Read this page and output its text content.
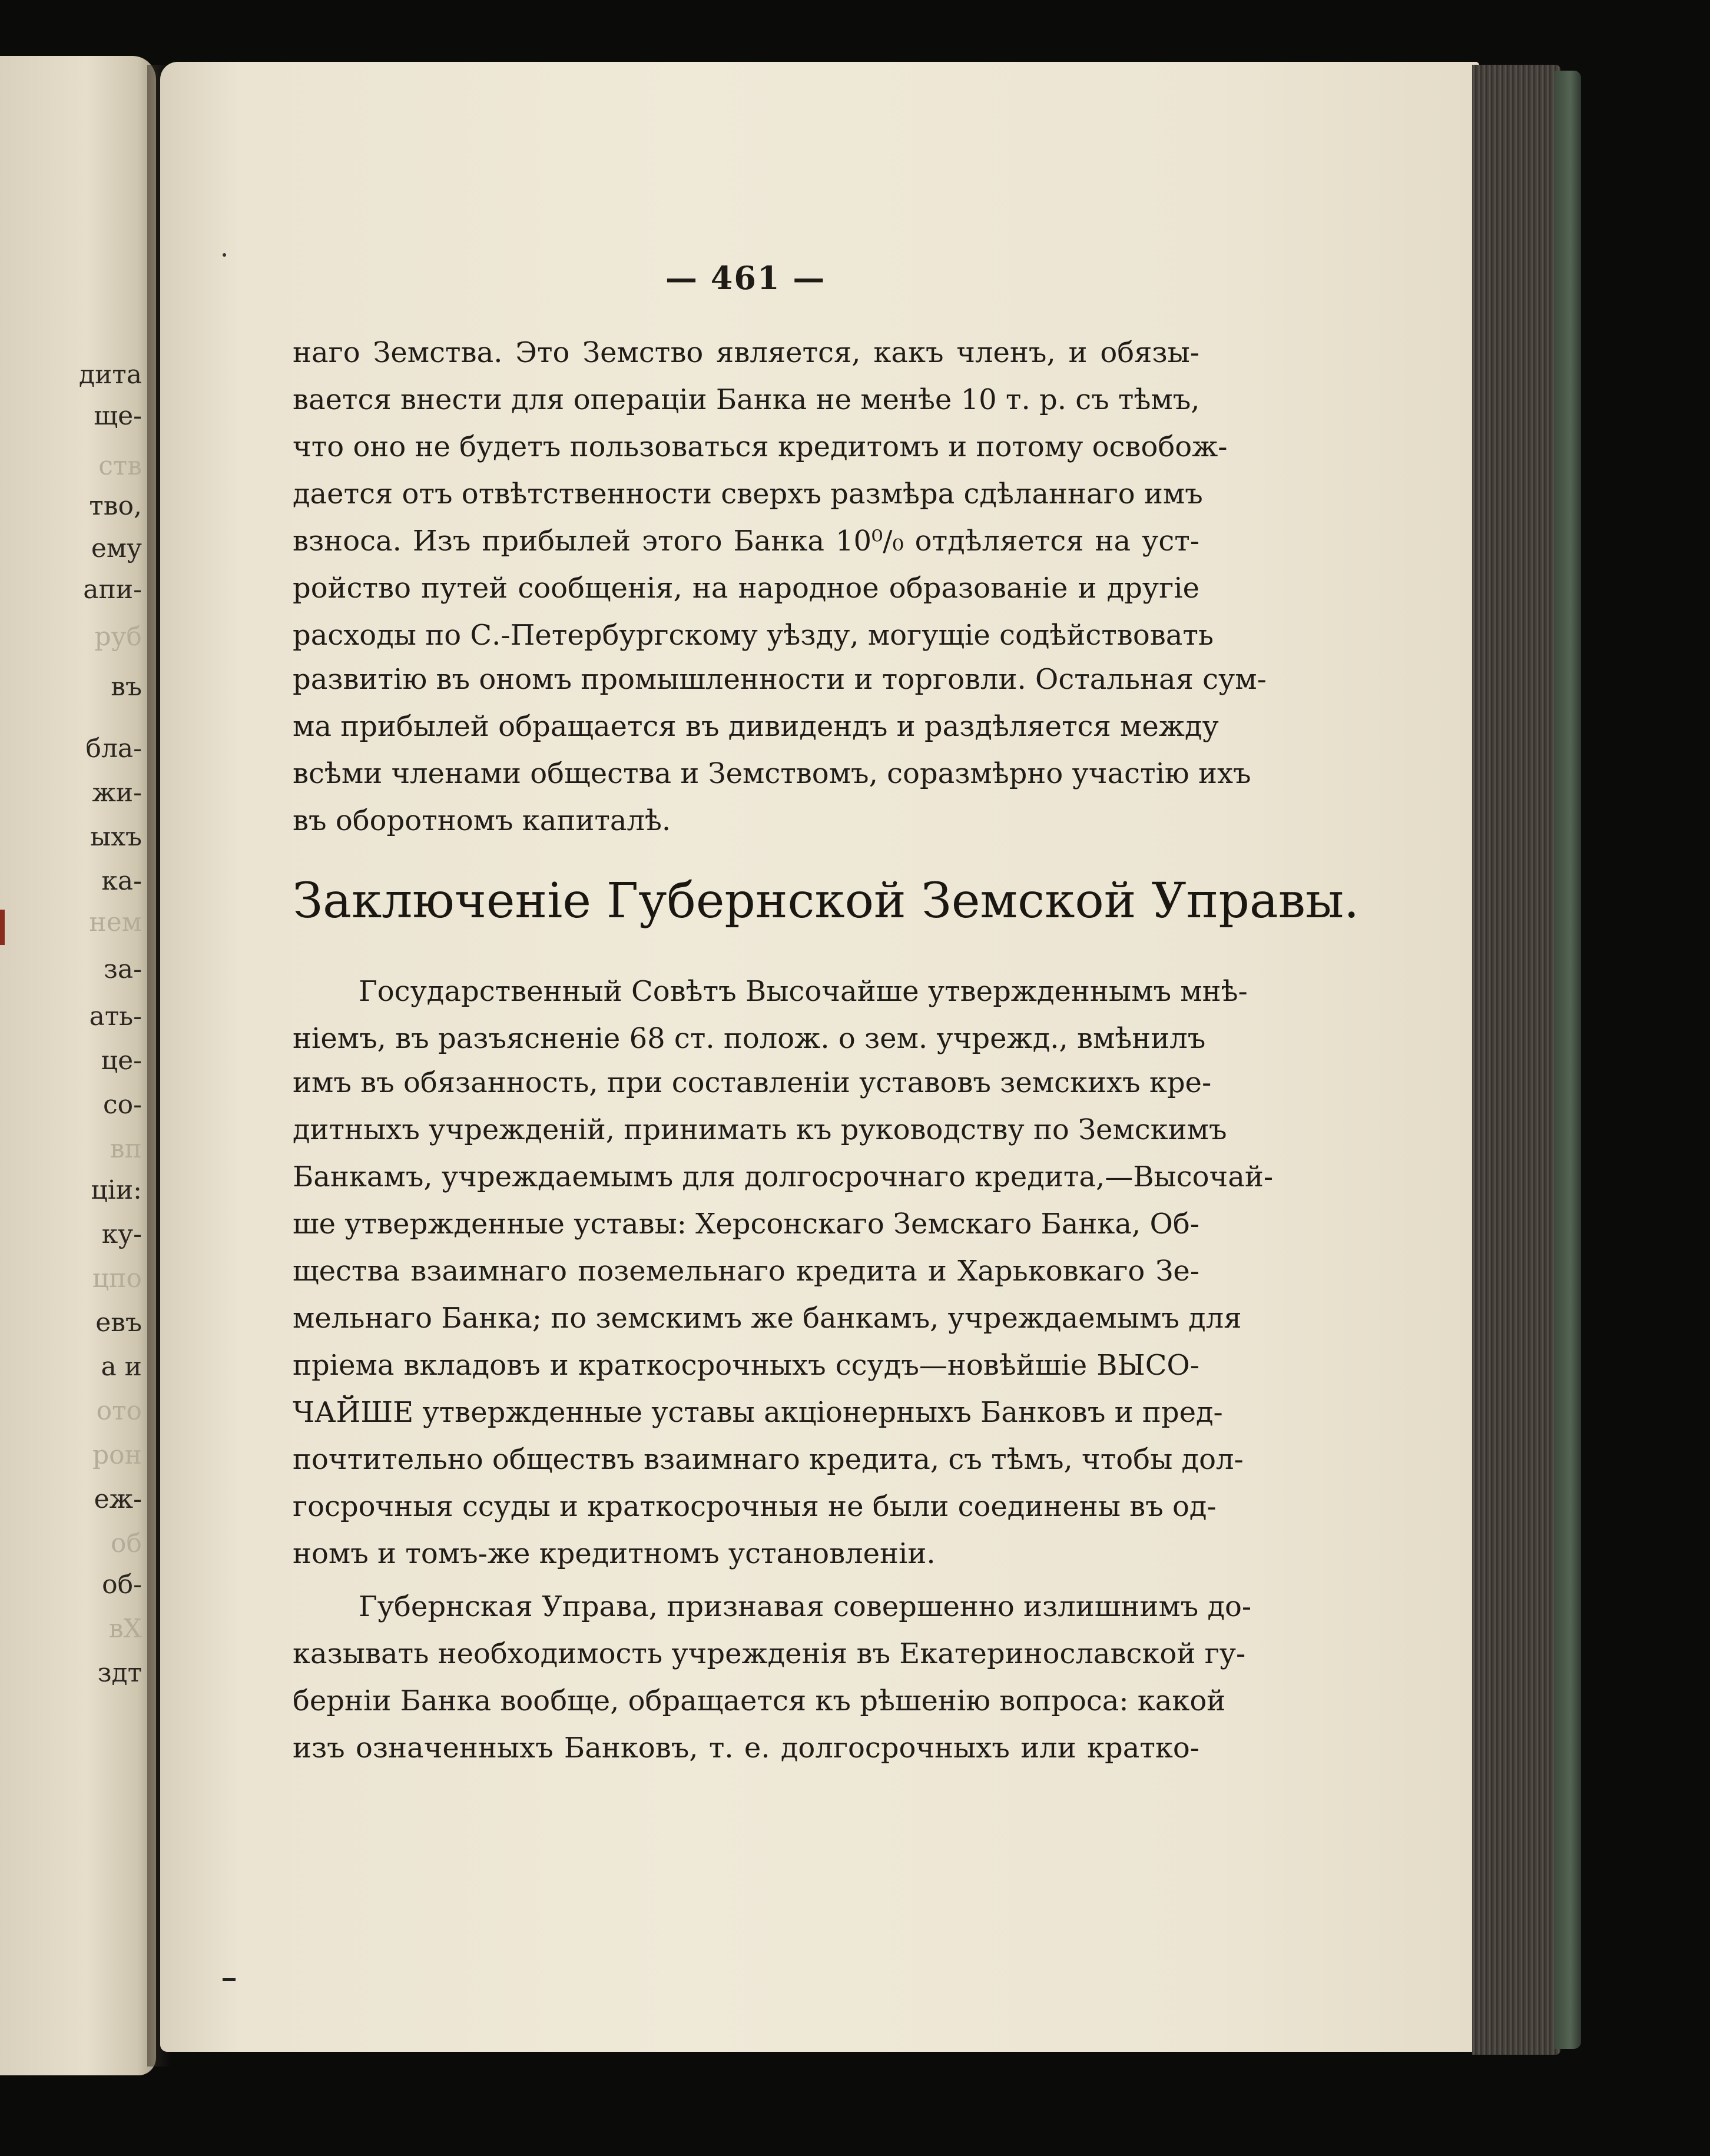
дита
ще-
ств
тво,
ему
апи-
руб
въ
бла-
жи-
ыхъ
ка-
нем
за-
ать-
це-
со-
вп
ціи:
ку-
цпо
евъ
а и
ото
рон
еж-
об
об-
вХ
здт
— 461 —
Заключеніе Губернской Земской Управы.
наго Земства. Это Земство является, какъ членъ, и обязы-
вается внести для операціи Банка не менѣе 10 т. р. съ тѣмъ,
что оно не будетъ пользоваться кредитомъ и потому освобож-
дается отъ отвѣтственности сверхъ размѣра сдѣланнаго имъ
взноса. Изъ прибылей этого Банка 10⁰/₀ отдѣляется на уст-
ройство путей сообщенія, на народное образованіе и другіе
расходы по С.-Петербургскому уѣзду, могущіе содѣйствовать
развитію въ ономъ промышленности и торговли. Остальная сум-
ма прибылей обращается въ дивидендъ и раздѣляется между
всѣми членами общества и Земствомъ, соразмѣрно участію ихъ
въ оборотномъ капиталѣ.
Государственный Совѣтъ Высочайше утвержденнымъ мнѣ-
ніемъ, въ разъясненіе 68 ст. полож. о зем. учрежд., вмѣнилъ
имъ въ обязанность, при составленіи уставовъ земскихъ кре-
дитныхъ учрежденій, принимать къ руководству по Земскимъ
Банкамъ, учреждаемымъ для долгосрочнаго кредита,—Высочай-
ше утвержденные уставы: Херсонскаго Земскаго Банка, Об-
щества взаимнаго поземельнаго кредита и Харьковкаго Зе-
мельнаго Банка; по земскимъ же банкамъ, учреждаемымъ для
пріема вкладовъ и краткосрочныхъ ссудъ—новѣйшіе ВЫСО-
ЧАЙШЕ утвержденные уставы акціонерныхъ Банковъ и пред-
почтительно обществъ взаимнаго кредита, съ тѣмъ, чтобы дол-
госрочныя ссуды и краткосрочныя не были соединены въ од-
номъ и томъ-же кредитномъ установленіи.
Губернская Управа, признавая совершенно излишнимъ до-
казывать необходимость учрежденія въ Екатеринославской гу-
берніи Банка вообще, обращается къ рѣшенію вопроса: какой
изъ означенныхъ Банковъ, т. е. долгосрочныхъ или кратко-
